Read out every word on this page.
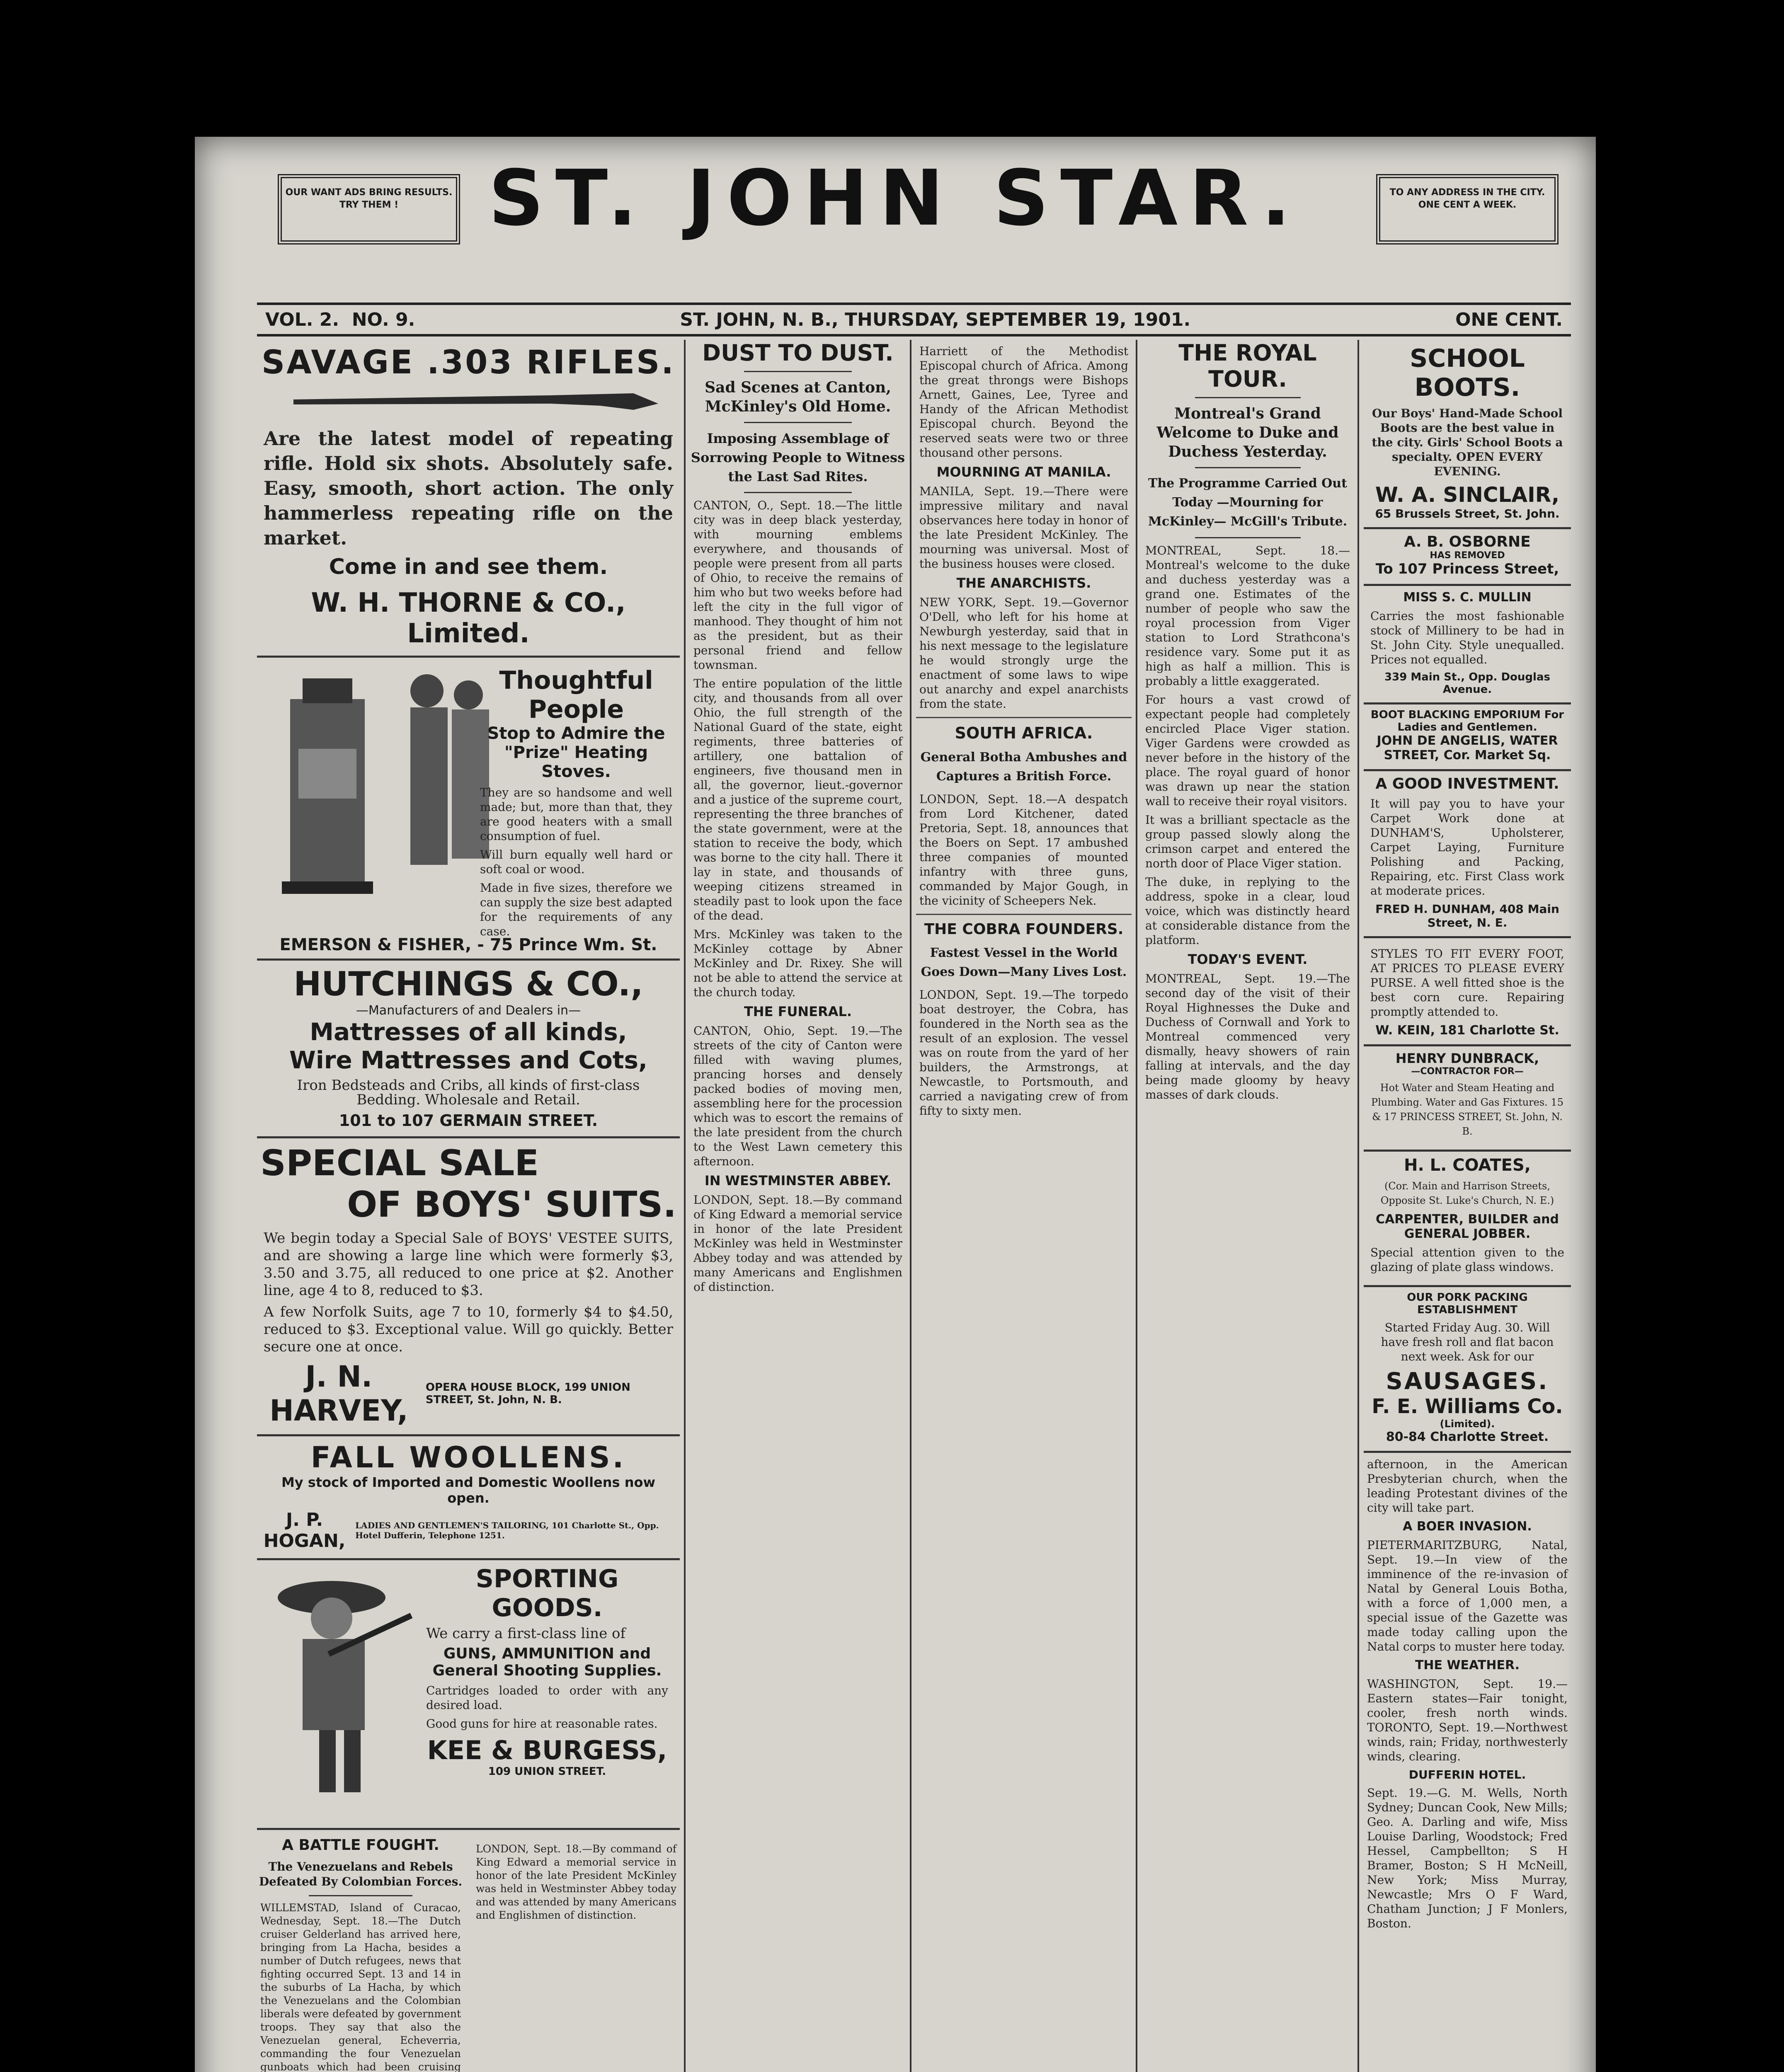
OUR WANT ADS BRING RESULTS. TRY THEM !	ST. JOHN STAR.	TO ANY ADDRESS IN THE CITY. ONE CENT A WEEK.
VOL. 2. NO. 9.	ST. JOHN, N. B., THURSDAY, SEPTEMBER 19, 1901.	ONE CENT.

SAVAGE .303 RIFLES.

Are the latest model of repeating rifle. Hold six shots. Absolutely safe. Easy, smooth, short action. The only hammerless repeating rifle on the market.

Come in and see them.

W. H. THORNE & CO., Limited.

Thoughtful People

Stop to Admire the "Prize" Heating Stoves.

They are so handsome and well made; but, more than that, they are good heaters with a small consumption of fuel.

Will burn equally well hard or soft coal or wood.

Made in five sizes, therefore we can supply the size best adapted for the requirements of any case.

EMERSON & FISHER, - 75 Prince Wm. St.

HUTCHINGS & CO.,

—Manufacturers of and Dealers in—

Mattresses of all kinds,

Wire Mattresses and Cots,

Iron Bedsteads and Cribs, all kinds of first-class Bedding. Wholesale and Retail.

101 to 107 GERMAIN STREET.

SPECIAL SALE

OF BOYS' SUITS.

We begin today a Special Sale of BOYS' VESTEE SUITS, and are showing a large line which were formerly $3, 3.50 and 3.75, all reduced to one price at $2. Another line, age 4 to 8, reduced to $3.

A few Norfolk Suits, age 7 to 10, formerly $4 to $4.50, reduced to $3. Exceptional value. Will go quickly. Better secure one at once.

J. N. HARVEY,
OPERA HOUSE BLOCK, 199 UNION STREET, St. John, N. B.

FALL WOOLLENS.

My stock of Imported and Domestic Woollens now open.

J. P. HOGAN,
LADIES AND GENTLEMEN'S TAILORING, 101 Charlotte St., Opp. Hotel Dufferin, Telephone 1251.

SPORTING GOODS.

We carry a first-class line of

GUNS, AMMUNITION and General Shooting Supplies.

Cartridges loaded to order with any desired load.

Good guns for hire at reasonable rates.

KEE & BURGESS,

109 UNION STREET.

A BATTLE FOUGHT.

The Venezuelans and Rebels Defeated By Colombian Forces.

WILLEMSTAD, Island of Curacao, Wednesday, Sept. 18.—The Dutch cruiser Gelderland has arrived here, bringing from La Hacha, besides a number of Dutch refugees, news that fighting occurred Sept. 13 and 14 in the suburbs of La Hacha, by which the Venezuelans and the Colombian liberals were defeated by government troops. They say that also the Venezuelan general, Echeverria, commanding the four Venezuelan gunboats which had been cruising

LONDON, Sept. 18.—By command of King Edward a memorial service in honor of the late President McKinley was held in Westminster Abbey today and was attended by many Americans and Englishmen of distinction.

DUST TO DUST.

Sad Scenes at Canton, McKinley's Old Home.

Imposing Assemblage of Sorrowing People to Witness the Last Sad Rites.

CANTON, O., Sept. 18.—The little city was in deep black yesterday, with mourning emblems everywhere, and thousands of people were present from all parts of Ohio, to receive the remains of him who but two weeks before had left the city in the full vigor of manhood. They thought of him not as the president, but as their personal friend and fellow townsman.

The entire population of the little city, and thousands from all over Ohio, the full strength of the National Guard of the state, eight regiments, three batteries of artillery, one battalion of engineers, five thousand men in all, the governor, lieut.-governor and a justice of the supreme court, representing the three branches of the state government, were at the station to receive the body, which was borne to the city hall. There it lay in state, and thousands of weeping citizens streamed in steadily past to look upon the face of the dead.

Mrs. McKinley was taken to the McKinley cottage by Abner McKinley and Dr. Rixey. She will not be able to attend the service at the church today.

THE FUNERAL.

CANTON, Ohio, Sept. 19.—The streets of the city of Canton were filled with waving plumes, prancing horses and densely packed bodies of moving men, assembling here for the procession which was to escort the remains of the late president from the church to the West Lawn cemetery this afternoon.

IN WESTMINSTER ABBEY.

LONDON, Sept. 18.—By command of King Edward a memorial service in honor of the late President McKinley was held in Westminster Abbey today and was attended by many Americans and Englishmen of distinction.

Harriett of the Methodist Episcopal church of Africa. Among the great throngs were Bishops Arnett, Gaines, Lee, Tyree and Handy of the African Methodist Episcopal church. Beyond the reserved seats were two or three thousand other persons.

MOURNING AT MANILA.

MANILA, Sept. 19.—There were impressive military and naval observances here today in honor of the late President McKinley. The mourning was universal. Most of the business houses were closed.

THE ANARCHISTS.

NEW YORK, Sept. 19.—Governor O'Dell, who left for his home at Newburgh yesterday, said that in his next message to the legislature he would strongly urge the enactment of some laws to wipe out anarchy and expel anarchists from the state.

SOUTH AFRICA.

General Botha Ambushes and Captures a British Force.

LONDON, Sept. 18.—A despatch from Lord Kitchener, dated Pretoria, Sept. 18, announces that the Boers on Sept. 17 ambushed three companies of mounted infantry with three guns, commanded by Major Gough, in the vicinity of Scheepers Nek.

THE COBRA FOUNDERS.

Fastest Vessel in the World Goes Down—Many Lives Lost.

LONDON, Sept. 19.—The torpedo boat destroyer, the Cobra, has foundered in the North sea as the result of an explosion. The vessel was on route from the yard of her builders, the Armstrongs, at Newcastle, to Portsmouth, and carried a navigating crew of from fifty to sixty men.

THE ROYAL TOUR.

Montreal's Grand Welcome to Duke and Duchess Yesterday.

The Programme Carried Out Today —Mourning for McKinley— McGill's Tribute.

MONTREAL, Sept. 18.—Montreal's welcome to the duke and duchess yesterday was a grand one. Estimates of the number of people who saw the royal procession from Viger station to Lord Strathcona's residence vary. Some put it as high as half a million. This is probably a little exaggerated.

For hours a vast crowd of expectant people had completely encircled Place Viger station. Viger Gardens were crowded as never before in the history of the place. The royal guard of honor was drawn up near the station wall to receive their royal visitors.

It was a brilliant spectacle as the group passed slowly along the crimson carpet and entered the north door of Place Viger station.

The duke, in replying to the address, spoke in a clear, loud voice, which was distinctly heard at considerable distance from the platform.

TODAY'S EVENT.

MONTREAL, Sept. 19.—The second day of the visit of their Royal Highnesses the Duke and Duchess of Cornwall and York to Montreal commenced very dismally, heavy showers of rain falling at intervals, and the day being made gloomy by heavy masses of dark clouds.

SCHOOL BOOTS.

Our Boys' Hand-Made School Boots are the best value in the city. Girls' School Boots a specialty. OPEN EVERY EVENING.

W. A. SINCLAIR,

65 Brussels Street, St. John.

A. B. OSBORNE

HAS REMOVED

To 107 Princess Street,

MISS S. C. MULLIN

Carries the most fashionable stock of Millinery to be had in St. John City. Style unequalled. Prices not equalled.

339 Main St., Opp. Douglas Avenue.

BOOT BLACKING EMPORIUM For Ladies and Gentlemen.

JOHN DE ANGELIS, WATER STREET, Cor. Market Sq.

A GOOD INVESTMENT.

It will pay you to have your Carpet Work done at DUNHAM'S, Upholsterer, Carpet Laying, Furniture Polishing and Packing, Repairing, etc. First Class work at moderate prices.

FRED H. DUNHAM, 408 Main Street, N. E.

STYLES TO FIT EVERY FOOT, AT PRICES TO PLEASE EVERY PURSE. A well fitted shoe is the best corn cure. Repairing promptly attended to.

W. KEIN, 181 Charlotte St.

HENRY DUNBRACK,

—CONTRACTOR FOR—

Hot Water and Steam Heating and Plumbing. Water and Gas Fixtures. 15 & 17 PRINCESS STREET, St. John, N. B.

H. L. COATES,

(Cor. Main and Harrison Streets, Opposite St. Luke's Church, N. E.)

CARPENTER, BUILDER and GENERAL JOBBER.

Special attention given to the glazing of plate glass windows.

OUR PORK PACKING ESTABLISHMENT

Started Friday Aug. 30. Will have fresh roll and flat bacon next week. Ask for our

SAUSAGES.

F. E. Williams Co.

(Limited).

80-84 Charlotte Street.

afternoon, in the American Presbyterian church, when the leading Protestant divines of the city will take part.

A BOER INVASION.

PIETERMARITZBURG, Natal, Sept. 19.—In view of the imminence of the re-invasion of Natal by General Louis Botha, with a force of 1,000 men, a special issue of the Gazette was made today calling upon the Natal corps to muster here today.

THE WEATHER.

WASHINGTON, Sept. 19.—Eastern states—Fair tonight, cooler, fresh north winds. TORONTO, Sept. 19.—Northwest winds, rain; Friday, northwesterly winds, clearing.

DUFFERIN HOTEL.

Sept. 19.—G. M. Wells, North Sydney; Duncan Cook, New Mills; Geo. A. Darling and wife, Miss Louise Darling, Woodstock; Fred Hessel, Campbellton; S H Bramer, Boston; S H McNeill, New York; Miss Murray, Newcastle; Mrs O F Ward, Chatham Junction; J F Monlers, Boston.
